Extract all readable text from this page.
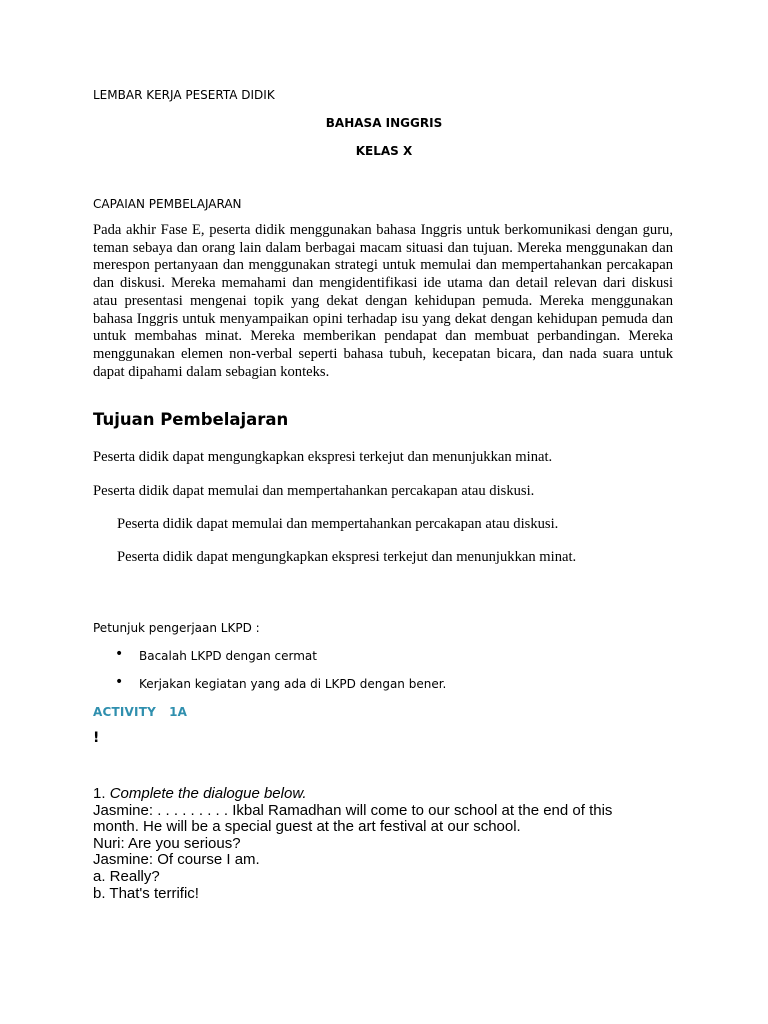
LEMBAR KERJA PESERTA DIDIK
BAHASA INGGRIS
KELAS X
CAPAIAN PEMBELAJARAN
Pada akhir Fase E, peserta didik menggunakan bahasa Inggris untuk berkomunikasi dengan guru, teman sebaya dan orang lain dalam berbagai macam situasi dan tujuan. Mereka menggunakan dan merespon pertanyaan dan menggunakan strategi untuk memulai dan mempertahankan percakapan dan diskusi. Mereka memahami dan mengidentifikasi ide utama dan detail relevan dari diskusi atau presentasi mengenai topik yang dekat dengan kehidupan pemuda. Mereka menggunakan bahasa Inggris untuk menyampaikan opini terhadap isu yang dekat dengan kehidupan pemuda dan untuk membahas minat. Mereka memberikan pendapat dan membuat perbandingan. Mereka menggunakan elemen non-verbal seperti bahasa tubuh, kecepatan bicara, dan nada suara untuk dapat dipahami dalam sebagian konteks.
Tujuan Pembelajaran
Peserta didik dapat mengungkapkan ekspresi terkejut dan menunjukkan minat.
Peserta didik dapat memulai dan mempertahankan percakapan atau diskusi.
Peserta didik dapat memulai dan mempertahankan percakapan atau diskusi.
Peserta didik dapat mengungkapkan ekspresi terkejut dan menunjukkan minat.
Petunjuk pengerjaan LKPD :
• Bacalah LKPD dengan cermat
• Kerjakan kegiatan yang ada di LKPD dengan bener.
ACTIVITY   1A
!
1. Complete the dialogue below.
Jasmine: . . . . . . . . . Ikbal Ramadhan will come to our school at the end of this
month. He will be a special guest at the art festival at our school.
Nuri: Are you serious?
Jasmine: Of course I am.
a. Really?
b. That's terrific!
